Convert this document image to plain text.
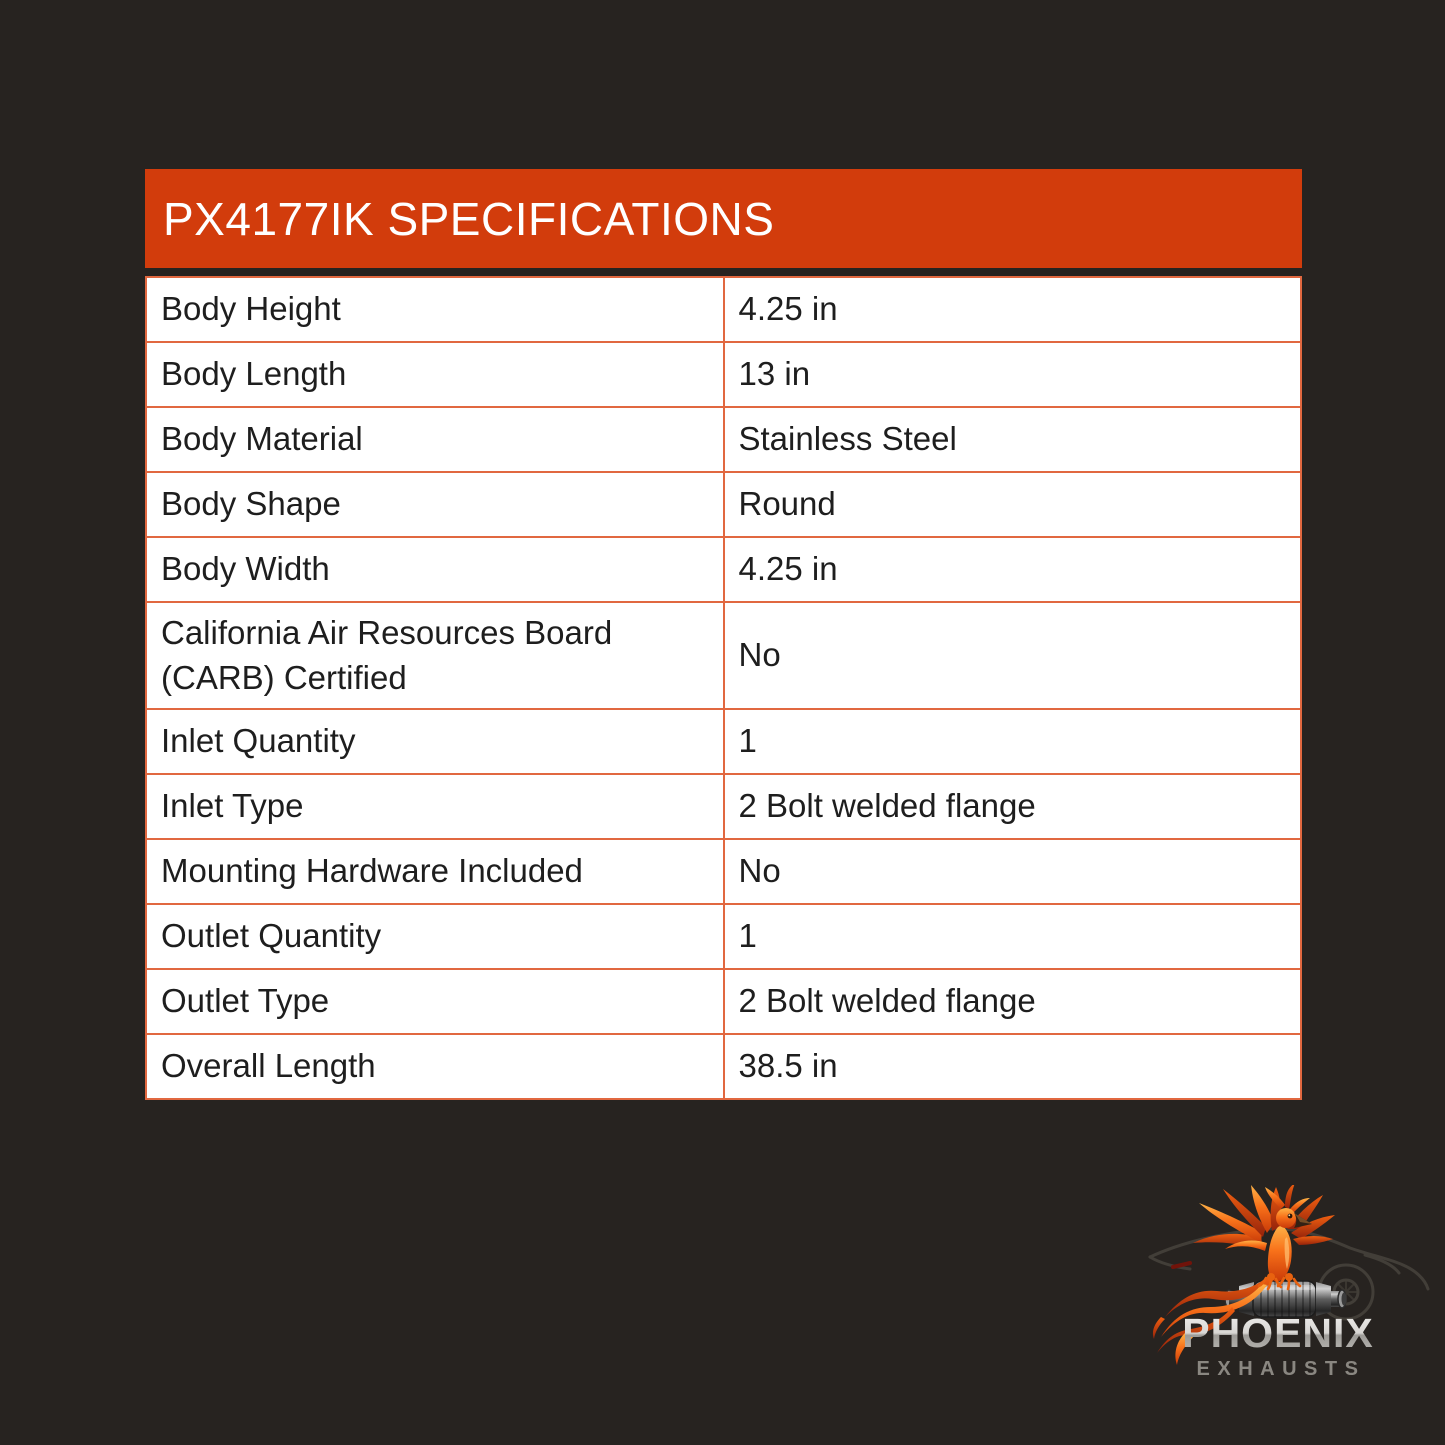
PX4177IK SPECIFICATIONS
Body Height	4.25 in
Body Length	13 in
Body Material	Stainless Steel
Body Shape	Round
Body Width	4.25 in
California Air Resources Board (CARB) Certified	No
Inlet Quantity	1
Inlet Type	2 Bolt welded flange
Mounting Hardware Included	No
Outlet Quantity	1
Outlet Type	2 Bolt welded flange
Overall Length	38.5 in
PHOENIX
EXHAUSTS
